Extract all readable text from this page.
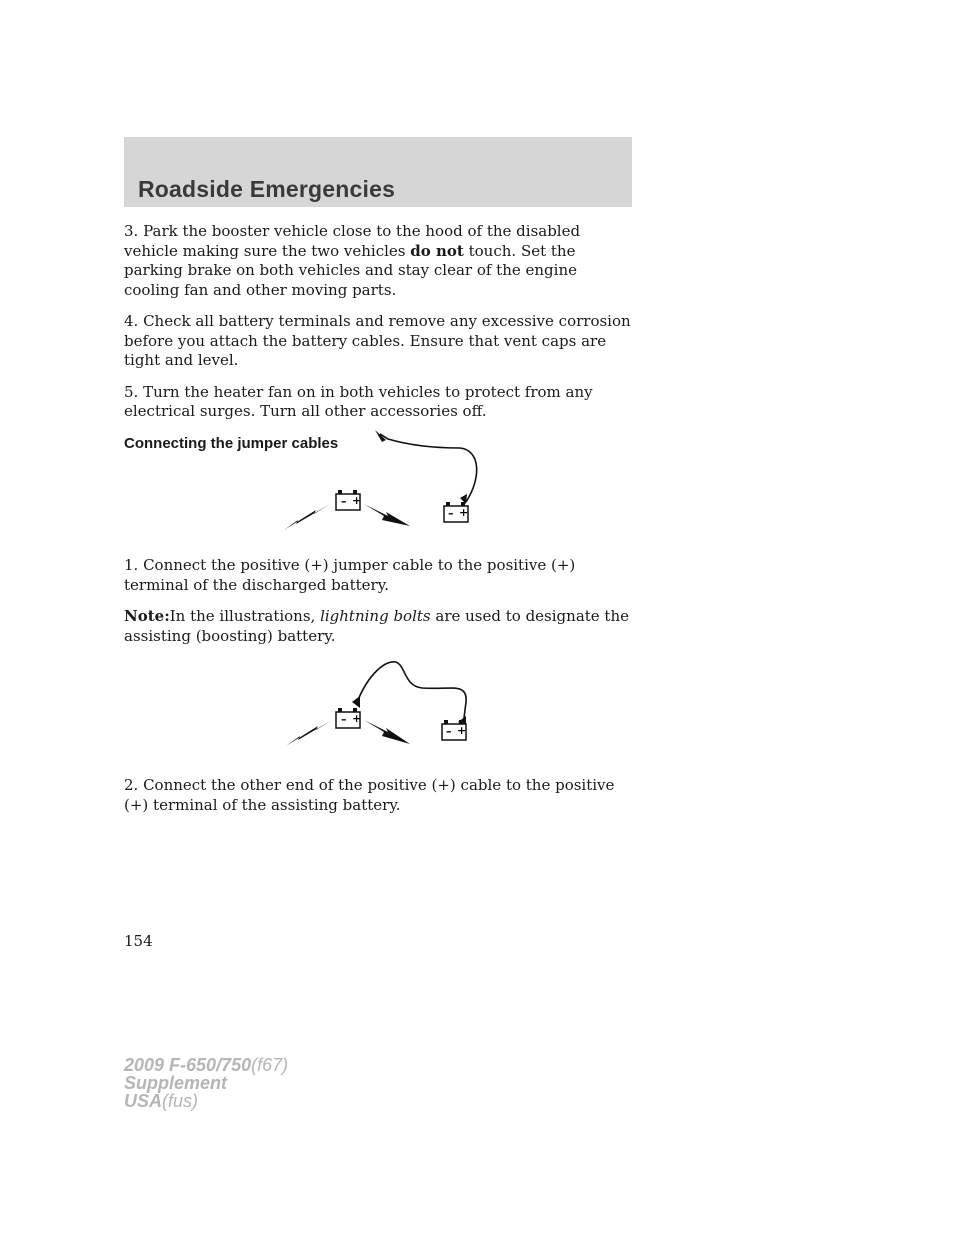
Roadside Emergencies

3. Park the booster vehicle close to the hood of the disabled vehicle making sure the two vehicles do not touch. Set the parking brake on both vehicles and stay clear of the engine cooling fan and other moving parts.

4. Check all battery terminals and remove any excessive corrosion before you attach the battery cables. Ensure that vent caps are tight and level.

5. Turn the heater fan on in both vehicles to protect from any electrical surges. Turn all other accessories off.

Connecting the jumper cables

– +
– +

1. Connect the positive (+) jumper cable to the positive (+) terminal of the discharged battery.

Note:In the illustrations, lightning bolts are used to designate the assisting (boosting) battery.

– +
– +

2. Connect the other end of the positive (+) cable to the positive (+) terminal of the assisting battery.

154
2009 F-650/750(f67)
Supplement
USA(fus)
